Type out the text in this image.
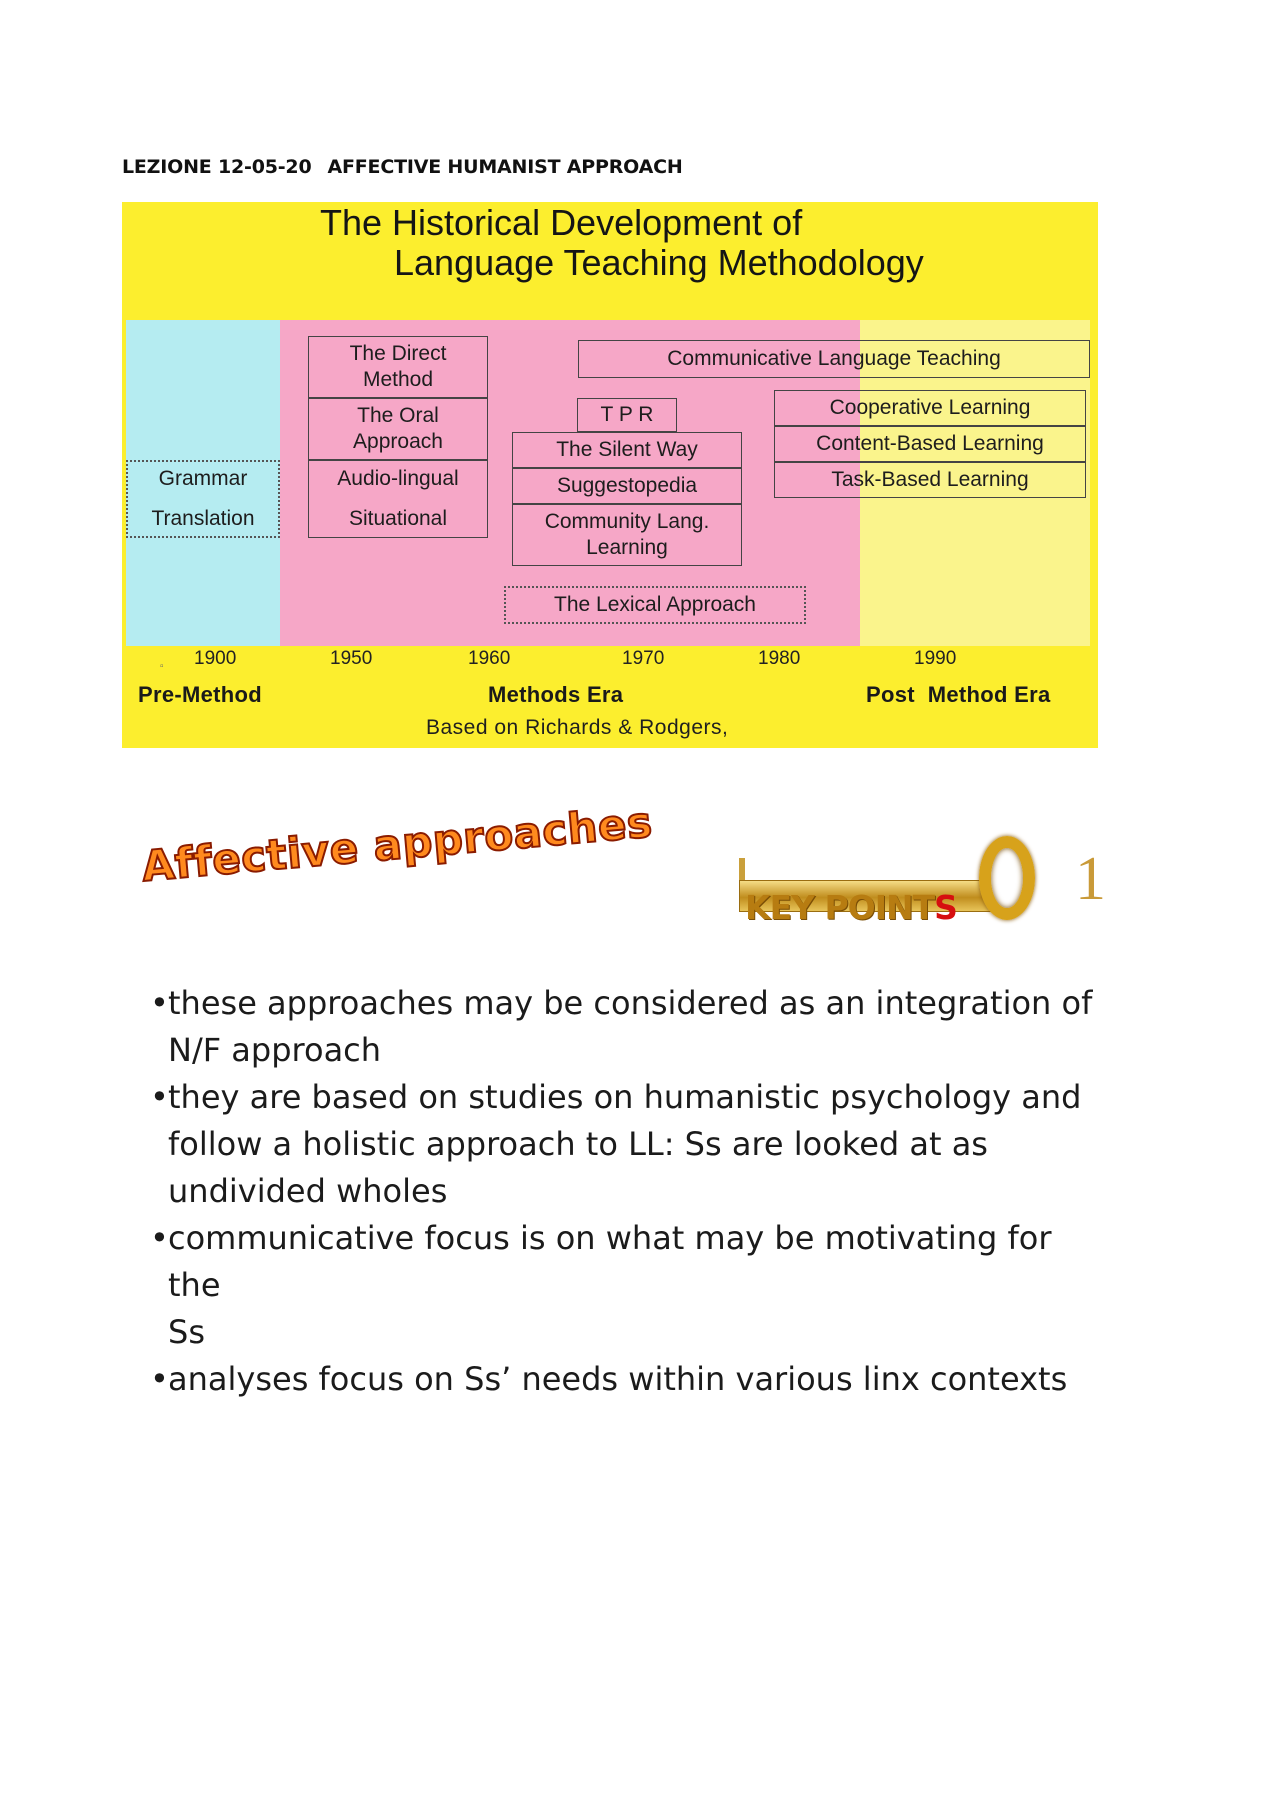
LEZIONE 12-05-20 AFFECTIVE HUMANIST APPROACH
The Historical Development of
Language Teaching Methodology
Grammar
Translation
The Direct
Method
The Oral
Approach
Audio-lingual
Situational
T P R
The Silent Way
Suggestopedia
Community Lang.
Learning
The Lexical Approach
Communicative Language Teaching
Cooperative Learning
Content-Based Learning
Task-Based Learning
▫ 1900	1950	1960	1970	1980	1990
Pre-Method	Methods Era	Post  Method Era
Based on Richards & Rodgers,
Affective approaches
KEY POINTS 1
• these approaches may be considered as an integration of
N/F approach
• they are based on studies on humanistic psychology and
follow a holistic approach to LL: Ss are looked at as
undivided wholes
• communicative focus is on what may be motivating for the
Ss
• analyses focus on Ss’ needs within various linx contexts
